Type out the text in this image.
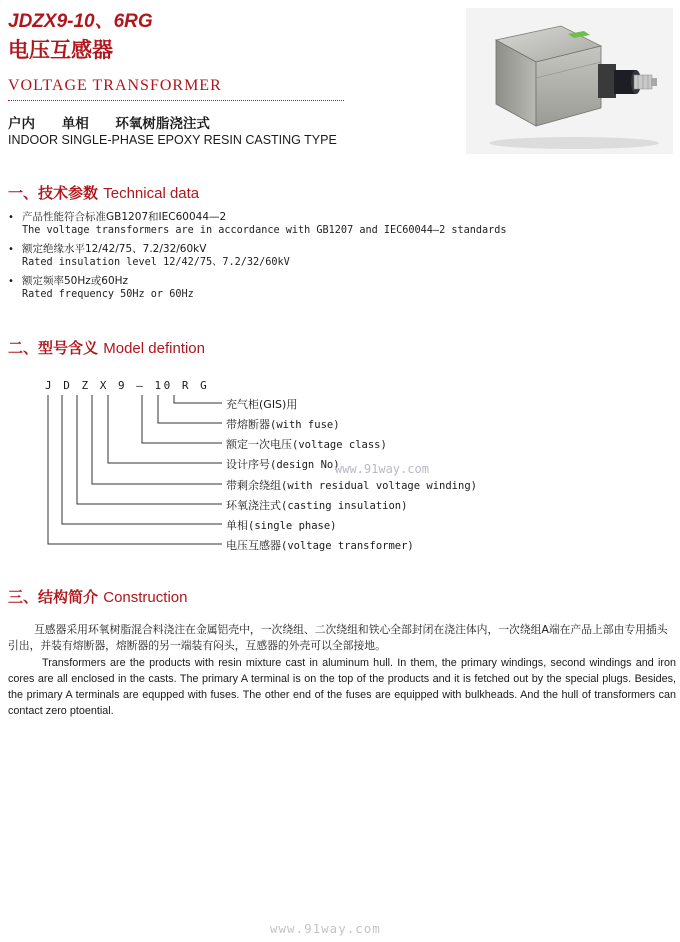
JDZX9-10、6RG
电压互感器
VOLTAGE TRANSFORMER
户内 单相 环氧树脂浇注式
INDOOR SINGLE-PHASE EPOXY RESIN CASTING TYPE
一、技术参数 Technical data
• 产品性能符合标准GB1207和IEC60044—2
The voltage transformers are in accordance with GB1207 and IEC60044—2 standards
• 额定绝缘水平12/42/75、7.2/32/60kV
Rated insulation level 12/42/75、7.2/32/60kV
• 额定频率50Hz或60Hz
Rated frequency 50Hz or 60Hz
二、型号含义 Model defintion
J D Z X 9 — 10 R G
充气柜(GIS)用
带熔断器(with fuse)
额定一次电压(voltage class)
设计序号(design No)
带剩余绕组(with residual voltage winding)
环氧浇注式(casting insulation)
单相(single phase)
电压互感器(voltage transformer)
www.91way.com
三、结构简介 Construction
互感器采用环氧树脂混合料浇注在金属铝壳中，一次绕组、二次绕组和铁心全部封闭在浇注体内，一次绕组A端在产品上部由专用插头引出，并装有熔断器，熔断器的另一端装有闷头，互感器的外壳可以全部接地。

Transformers are the products with resin mixture cast in aluminum hull. In them, the primary windings, second windings and iron cores are all enclosed in the casts. The primary A terminal is on the top of the products and it is fetched out by the special plugs. Besides, the primary A terminals are equpped with fuses. The other end of the fuses are equipped with bulkheads. And the hull of transformers can contact zero ptoential.

www.91way.com
